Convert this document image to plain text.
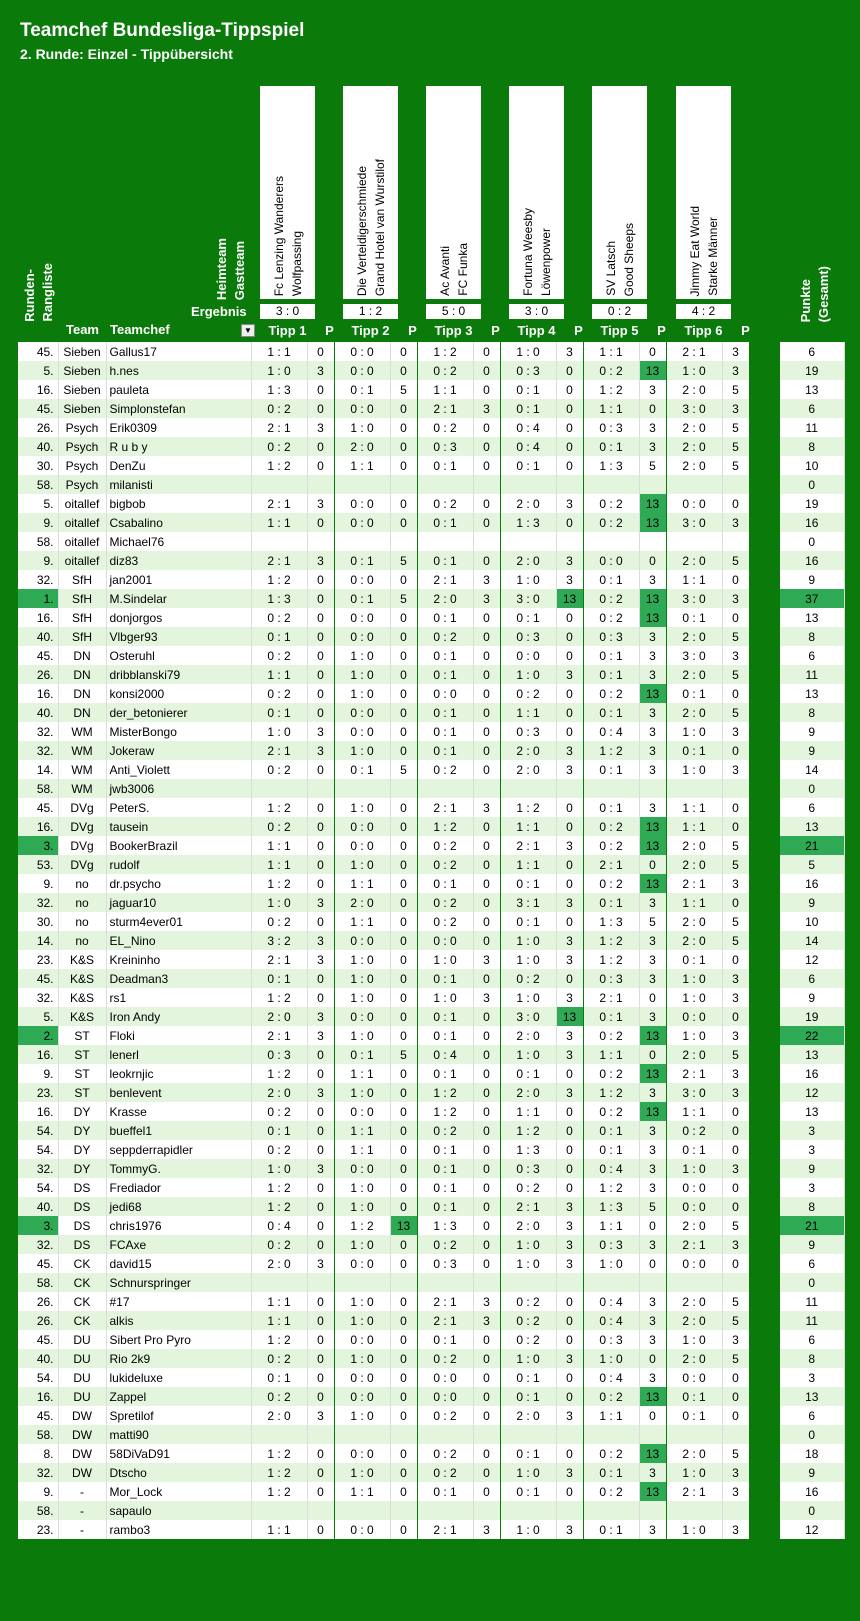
Teamchef Bundesliga-Tippspiel
2. Runde: Einzel - Tippübersicht
Ergebnis
▼
45.	Sieben	Gallus17	1 : 1	0	0 : 0	0	1 : 2	0	1 : 0	3	1 : 1	0	2 : 1	3		6
5.	Sieben	h.nes	1 : 0	3	0 : 0	0	0 : 2	0	0 : 3	0	0 : 2	13	1 : 0	3		19
16.	Sieben	pauleta	1 : 3	0	0 : 1	5	1 : 1	0	0 : 1	0	1 : 2	3	2 : 0	5		13
45.	Sieben	Simplonstefan	0 : 2	0	0 : 0	0	2 : 1	3	0 : 1	0	1 : 1	0	3 : 0	3		6
26.	Psych	Erik0309	2 : 1	3	1 : 0	0	0 : 2	0	0 : 4	0	0 : 3	3	2 : 0	5		11
40.	Psych	R u b y	0 : 2	0	2 : 0	0	0 : 3	0	0 : 4	0	0 : 1	3	2 : 0	5		8
30.	Psych	DenZu	1 : 2	0	1 : 1	0	0 : 1	0	0 : 1	0	1 : 3	5	2 : 0	5		10
58.	Psych	milanisti														0
5.	oitallef	bigbob	2 : 1	3	0 : 0	0	0 : 2	0	2 : 0	3	0 : 2	13	0 : 0	0		19
9.	oitallef	Csabalino	1 : 1	0	0 : 0	0	0 : 1	0	1 : 3	0	0 : 2	13	3 : 0	3		16
58.	oitallef	Michael76														0
9.	oitallef	diz83	2 : 1	3	0 : 1	5	0 : 1	0	2 : 0	3	0 : 0	0	2 : 0	5		16
32.	SfH	jan2001	1 : 2	0	0 : 0	0	2 : 1	3	1 : 0	3	0 : 1	3	1 : 1	0		9
1.	SfH	M.Sindelar	1 : 3	0	0 : 1	5	2 : 0	3	3 : 0	13	0 : 2	13	3 : 0	3		37
16.	SfH	donjorgos	0 : 2	0	0 : 0	0	0 : 1	0	0 : 1	0	0 : 2	13	0 : 1	0		13
40.	SfH	Vlbger93	0 : 1	0	0 : 0	0	0 : 2	0	0 : 3	0	0 : 3	3	2 : 0	5		8
45.	DN	Osteruhl	0 : 2	0	1 : 0	0	0 : 1	0	0 : 0	0	0 : 1	3	3 : 0	3		6
26.	DN	dribblanski79	1 : 1	0	1 : 0	0	0 : 1	0	1 : 0	3	0 : 1	3	2 : 0	5		11
16.	DN	konsi2000	0 : 2	0	1 : 0	0	0 : 0	0	0 : 2	0	0 : 2	13	0 : 1	0		13
40.	DN	der_betonierer	0 : 1	0	0 : 0	0	0 : 1	0	1 : 1	0	0 : 1	3	2 : 0	5		8
32.	WM	MisterBongo	1 : 0	3	0 : 0	0	0 : 1	0	0 : 3	0	0 : 4	3	1 : 0	3		9
32.	WM	Jokeraw	2 : 1	3	1 : 0	0	0 : 1	0	2 : 0	3	1 : 2	3	0 : 1	0		9
14.	WM	Anti_Violett	0 : 2	0	0 : 1	5	0 : 2	0	2 : 0	3	0 : 1	3	1 : 0	3		14
58.	WM	jwb3006														0
45.	DVg	PeterS.	1 : 2	0	1 : 0	0	2 : 1	3	1 : 2	0	0 : 1	3	1 : 1	0		6
16.	DVg	tausein	0 : 2	0	0 : 0	0	1 : 2	0	1 : 1	0	0 : 2	13	1 : 1	0		13
3.	DVg	BookerBrazil	1 : 1	0	0 : 0	0	0 : 2	0	2 : 1	3	0 : 2	13	2 : 0	5		21
53.	DVg	rudolf	1 : 1	0	1 : 0	0	0 : 2	0	1 : 1	0	2 : 1	0	2 : 0	5		5
9.	no	dr.psycho	1 : 2	0	1 : 1	0	0 : 1	0	0 : 1	0	0 : 2	13	2 : 1	3		16
32.	no	jaguar10	1 : 0	3	2 : 0	0	0 : 2	0	3 : 1	3	0 : 1	3	1 : 1	0		9
30.	no	sturm4ever01	0 : 2	0	1 : 1	0	0 : 2	0	0 : 1	0	1 : 3	5	2 : 0	5		10
14.	no	EL_Nino	3 : 2	3	0 : 0	0	0 : 0	0	1 : 0	3	1 : 2	3	2 : 0	5		14
23.	K&S	Kreininho	2 : 1	3	1 : 0	0	1 : 0	3	1 : 0	3	1 : 2	3	0 : 1	0		12
45.	K&S	Deadman3	0 : 1	0	1 : 0	0	0 : 1	0	0 : 2	0	0 : 3	3	1 : 0	3		6
32.	K&S	rs1	1 : 2	0	1 : 0	0	1 : 0	3	1 : 0	3	2 : 1	0	1 : 0	3		9
5.	K&S	Iron Andy	2 : 0	3	0 : 0	0	0 : 1	0	3 : 0	13	0 : 1	3	0 : 0	0		19
2.	ST	Floki	2 : 1	3	1 : 0	0	0 : 1	0	2 : 0	3	0 : 2	13	1 : 0	3		22
16.	ST	lenerl	0 : 3	0	0 : 1	5	0 : 4	0	1 : 0	3	1 : 1	0	2 : 0	5		13
9.	ST	leokrnjic	1 : 2	0	1 : 1	0	0 : 1	0	0 : 1	0	0 : 2	13	2 : 1	3		16
23.	ST	benlevent	2 : 0	3	1 : 0	0	1 : 2	0	2 : 0	3	1 : 2	3	3 : 0	3		12
16.	DY	Krasse	0 : 2	0	0 : 0	0	1 : 2	0	1 : 1	0	0 : 2	13	1 : 1	0		13
54.	DY	bueffel1	0 : 1	0	1 : 1	0	0 : 2	0	1 : 2	0	0 : 1	3	0 : 2	0		3
54.	DY	seppderrapidler	0 : 2	0	1 : 1	0	0 : 1	0	1 : 3	0	0 : 1	3	0 : 1	0		3
32.	DY	TommyG.	1 : 0	3	0 : 0	0	0 : 1	0	0 : 3	0	0 : 4	3	1 : 0	3		9
54.	DS	Frediador	1 : 2	0	1 : 0	0	0 : 1	0	0 : 2	0	1 : 2	3	0 : 0	0		3
40.	DS	jedi68	1 : 2	0	1 : 0	0	0 : 1	0	2 : 1	3	1 : 3	5	0 : 0	0		8
3.	DS	chris1976	0 : 4	0	1 : 2	13	1 : 3	0	2 : 0	3	1 : 1	0	2 : 0	5		21
32.	DS	FCAxe	0 : 2	0	1 : 0	0	0 : 2	0	1 : 0	3	0 : 3	3	2 : 1	3		9
45.	CK	david15	2 : 0	3	0 : 0	0	0 : 3	0	1 : 0	3	1 : 0	0	0 : 0	0		6
58.	CK	Schnurspringer														0
26.	CK	#17	1 : 1	0	1 : 0	0	2 : 1	3	0 : 2	0	0 : 4	3	2 : 0	5		11
26.	CK	alkis	1 : 1	0	1 : 0	0	2 : 1	3	0 : 2	0	0 : 4	3	2 : 0	5		11
45.	DU	Sibert Pro Pyro	1 : 2	0	0 : 0	0	0 : 1	0	0 : 2	0	0 : 3	3	1 : 0	3		6
40.	DU	Rio 2k9	0 : 2	0	1 : 0	0	0 : 2	0	1 : 0	3	1 : 0	0	2 : 0	5		8
54.	DU	lukideluxe	0 : 1	0	0 : 0	0	0 : 0	0	0 : 1	0	0 : 4	3	0 : 0	0		3
16.	DU	Zappel	0 : 2	0	0 : 0	0	0 : 0	0	0 : 1	0	0 : 2	13	0 : 1	0		13
45.	DW	Spretilof	2 : 0	3	1 : 0	0	0 : 2	0	2 : 0	3	1 : 1	0	0 : 1	0		6
58.	DW	matti90														0
8.	DW	58DiVaD91	1 : 2	0	0 : 0	0	0 : 2	0	0 : 1	0	0 : 2	13	2 : 0	5		18
32.	DW	Dtscho	1 : 2	0	1 : 0	0	0 : 2	0	1 : 0	3	0 : 1	3	1 : 0	3		9
9.	-	Mor_Lock	1 : 2	0	1 : 1	0	0 : 1	0	0 : 1	0	0 : 2	13	2 : 1	3		16
58.	-	sapaulo														0
23.	-	rambo3	1 : 1	0	0 : 0	0	2 : 1	3	1 : 0	3	0 : 1	3	1 : 0	3		12
Runden- Rangliste	Heimteam Gastteam
Punkte (Gesamt)
Fc Lenzing Wanderers Wolfpassing
3 : 0
Tipp 1	P
Die Verteidigerschmiede Grand Hotel van Wurstilof
1 : 2
Tipp 2	P
Ac Avanti FC Funka
5 : 0
Tipp 3	P
Fortuna Weesby Löwenpower
3 : 0
Tipp 4	P
SV Latsch Good Sheeps
0 : 2
Tipp 5	P
Jimmy Eat World Starke Männer
4 : 2
Tipp 6	P
Team Teamchef
